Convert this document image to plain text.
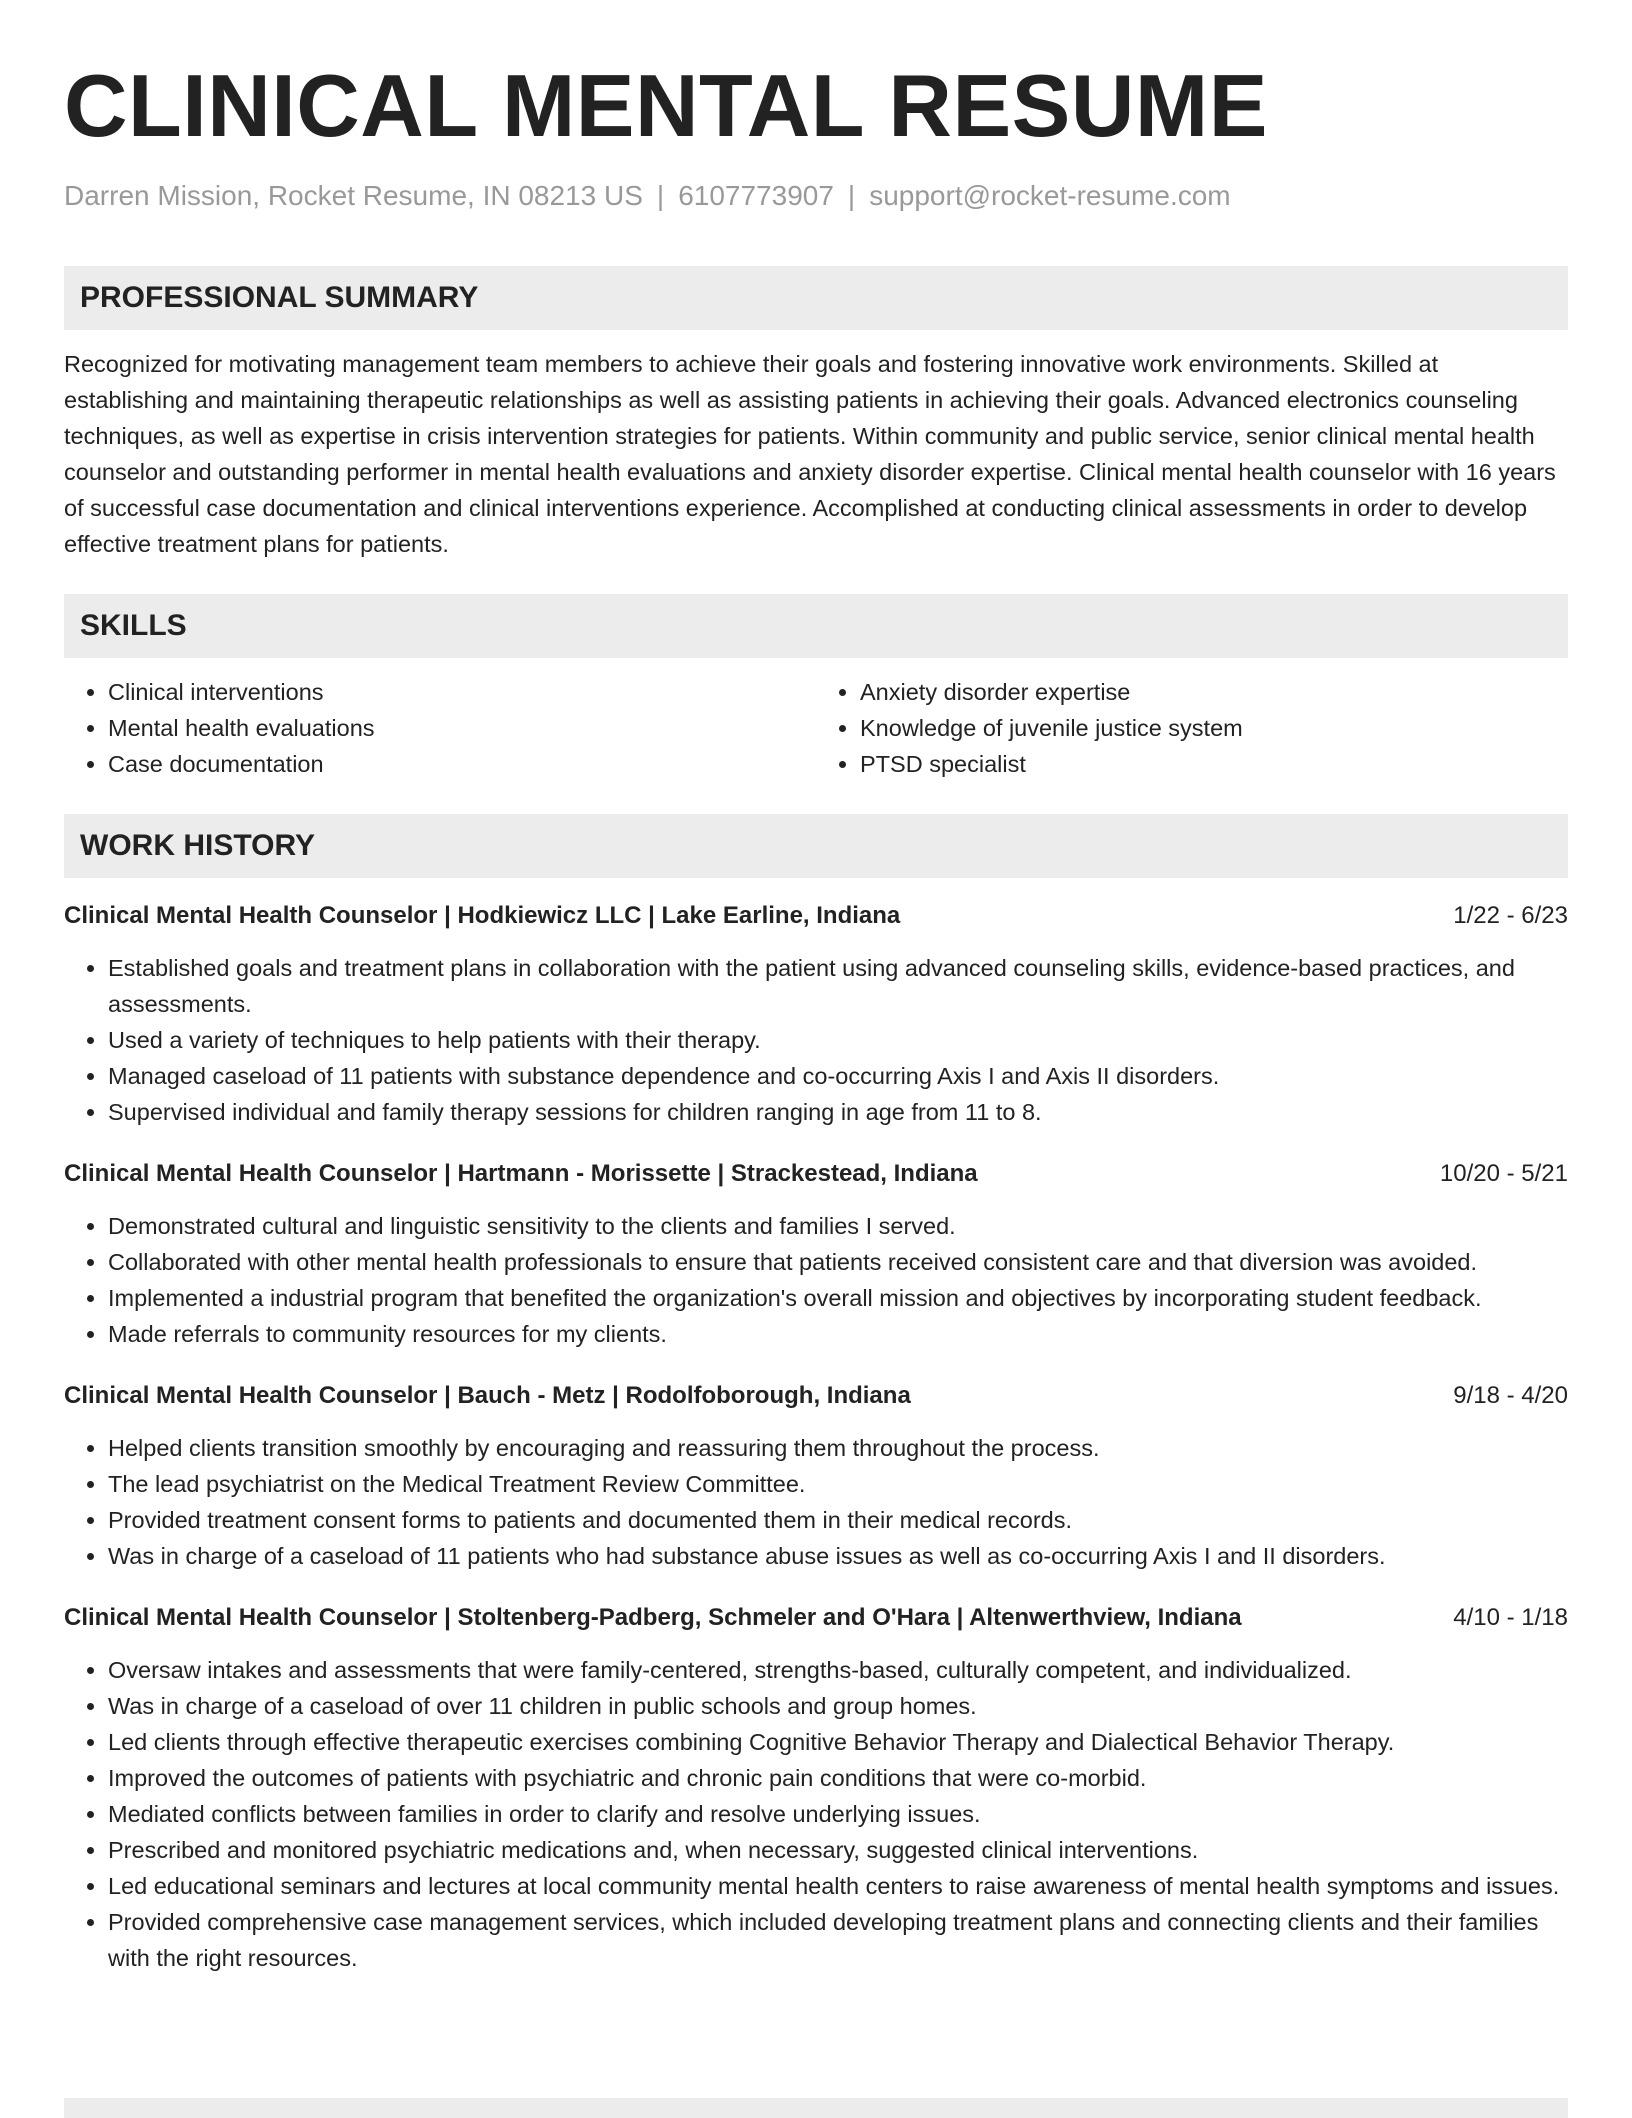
CLINICAL MENTAL RESUME
Darren Mission, Rocket Resume, IN 08213 US | 6107773907 | support@rocket-resume.com
PROFESSIONAL SUMMARY

Recognized for motivating management team members to achieve their goals and fostering innovative work environments. Skilled at establishing and maintaining therapeutic relationships as well as assisting patients in achieving their goals. Advanced electronics counseling techniques, as well as expertise in crisis intervention strategies for patients. Within community and public service, senior clinical mental health counselor and outstanding performer in mental health evaluations and anxiety disorder expertise. Clinical mental health counselor with 16 years of successful case documentation and clinical interventions experience. Accomplished at conducting clinical assessments in order to develop effective treatment plans for patients.

SKILLS
• Clinical interventions
• Mental health evaluations
• Case documentation
• Anxiety disorder expertise
• Knowledge of juvenile justice system
• PTSD specialist
WORK HISTORY
Clinical Mental Health Counselor | Hodkiewicz LLC | Lake Earline, Indiana	1/22 - 6/23
• Established goals and treatment plans in collaboration with the patient using advanced counseling skills, evidence-based practices, and assessments.
• Used a variety of techniques to help patients with their therapy.
• Managed caseload of 11 patients with substance dependence and co-occurring Axis I and Axis II disorders.
• Supervised individual and family therapy sessions for children ranging in age from 11 to 8.
Clinical Mental Health Counselor | Hartmann - Morissette | Strackestead, Indiana	10/20 - 5/21
• Demonstrated cultural and linguistic sensitivity to the clients and families I served.
• Collaborated with other mental health professionals to ensure that patients received consistent care and that diversion was avoided.
• Implemented a industrial program that benefited the organization's overall mission and objectives by incorporating student feedback.
• Made referrals to community resources for my clients.
Clinical Mental Health Counselor | Bauch - Metz | Rodolfoborough, Indiana	9/18 - 4/20
• Helped clients transition smoothly by encouraging and reassuring them throughout the process.
• The lead psychiatrist on the Medical Treatment Review Committee.
• Provided treatment consent forms to patients and documented them in their medical records.
• Was in charge of a caseload of 11 patients who had substance abuse issues as well as co-occurring Axis I and II disorders.
Clinical Mental Health Counselor | Stoltenberg-Padberg, Schmeler and O'Hara | Altenwerthview, Indiana	4/10 - 1/18
• Oversaw intakes and assessments that were family-centered, strengths-based, culturally competent, and individualized.
• Was in charge of a caseload of over 11 children in public schools and group homes.
• Led clients through effective therapeutic exercises combining Cognitive Behavior Therapy and Dialectical Behavior Therapy.
• Improved the outcomes of patients with psychiatric and chronic pain conditions that were co-morbid.
• Mediated conflicts between families in order to clarify and resolve underlying issues.
• Prescribed and monitored psychiatric medications and, when necessary, suggested clinical interventions.
• Led educational seminars and lectures at local community mental health centers to raise awareness of mental health symptoms and issues.
• Provided comprehensive case management services, which included developing treatment plans and connecting clients and their families with the right resources.
